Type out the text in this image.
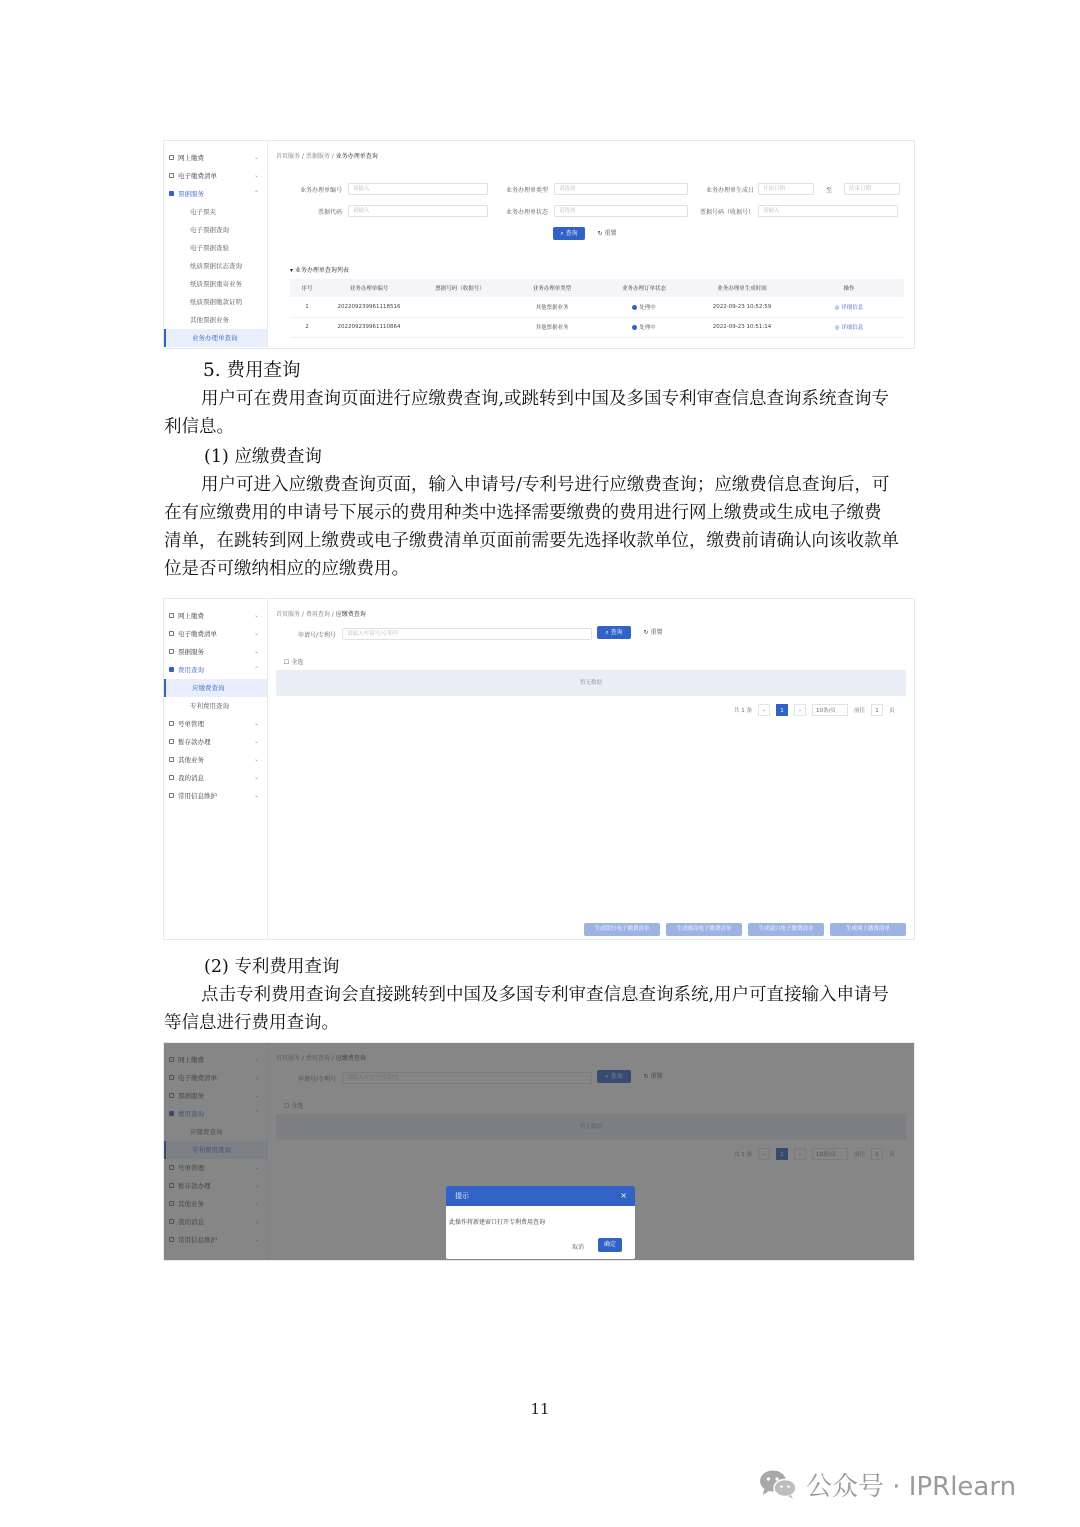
网上缴费	⌄
电子缴费清单	⌄
票据服务	⌃
电子票夹
电子票据查询
电子票据查验
纸质票据状态查询
纸质票据重寄业务
纸质票据缴款证明
其他票据业务
业务办理单查询
首页服务 / 票据服务 / 业务办理单查询
业务办理单编号	请输入	业务办理单类型	请选择	业务办理单生成日	开始日期	至	结束日期
票据代码	请输入	业务办理单状态	请选择	票据号码（收据号）	请输入
⌕ 查询	↻ 重置
▾ 业务办理单查询列表
序号	业务办理单编号	票据号码（收据号）	业务办理单类型	业务办理订单状态	业务办理单生成时间	操作
1	20220923996111851​6		其他票据业务	处理中	2022-09-23 10:52:59	◎ 详细信息
2	202209239961110864		其他票据业务	处理中	2022-09-23 10:51:14	◎ 详细信息
5. 费用查询
用户可在费用查询页面进行应缴费查询,或跳转到中国及多国专利审查信息查询系统查询专
利信息。
(1) 应缴费查询
用户可进入应缴费查询页面，输入申请号/专利号进行应缴费查询；应缴费信息查询后，可
在有应缴费用的申请号下展示的费用种类中选择需要缴费的费用进行网上缴费或生成电子缴费
清单，在跳转到网上缴费或电子缴费清单页面前需要先选择收款单位，缴费前请确认向该收款单
位是否可缴纳相应的应缴费用。
网上缴费	⌄
电子缴费清单	⌄
票据服务	⌄
费用查询	⌃
应缴费查询
专利费用查询
号单管理	⌄
暂存款办理	⌄
其他业务	⌄
我的消息	⌄
常用信息维护	⌄
首页服务 / 费用查询 / 应缴费查询
申请号/专利号	请输入申请号/专利号	⌕ 查询	↻ 重置
☐ 全选
暂无数据
共 1 条	‹	1	›	10条/页	前往	1	页
生成银行电子缴费清单	生成邮局电子缴费清单	生成窗口电子缴费清单	生成网上缴费清单
(2) 专利费用查询
点击专利费用查询会直接跳转到中国及多国专利审查信息查询系统,用户可直接输入申请号
等信息进行费用查询。
提示	×
此操作将新建窗口打开专利费用查询
取消	确定
11
公众号 · IPRlearn
